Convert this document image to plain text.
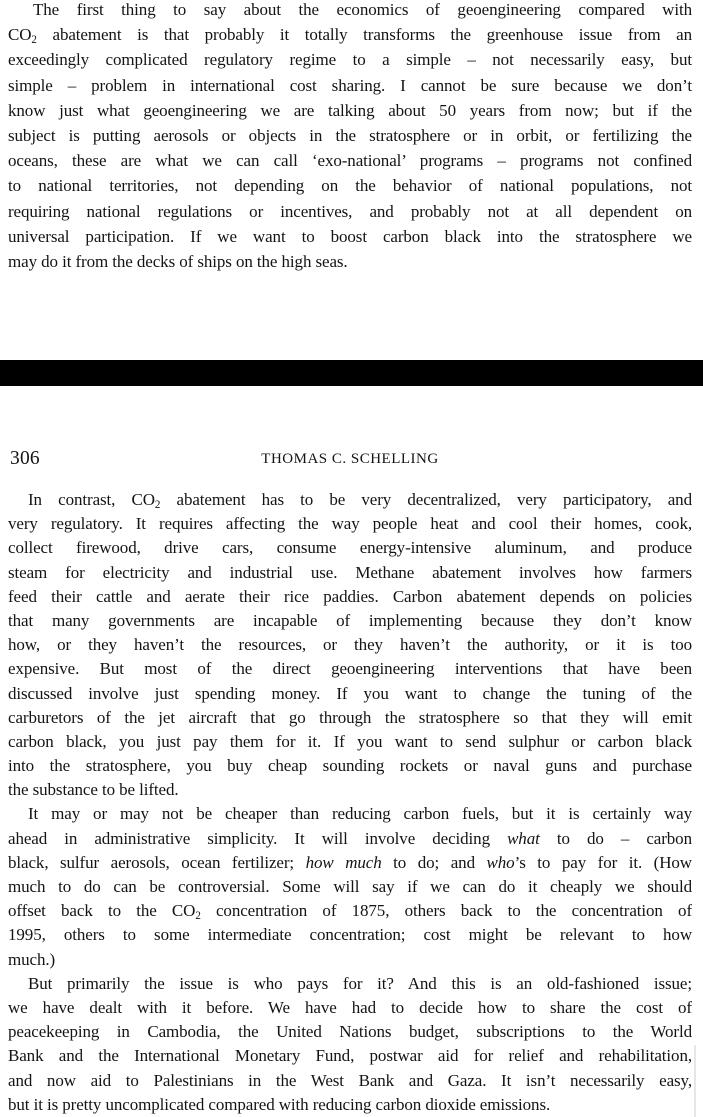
The first thing to say about the economics of geoengineering compared with
$CO_2$ abatement is that probably it totally transforms the greenhouse issue from an
exceedingly complicated regulatory regime to a simple – not necessarily easy, but
simple – problem in international cost sharing. I cannot be sure because we don’t
know just what geoengineering we are talking about 50 years from now; but if the
subject is putting aerosols or objects in the stratosphere or in orbit, or fertilizing the
oceans, these are what we can call ‘exo-national’ programs – programs not confined
to national territories, not depending on the behavior of national populations, not
requiring national regulations or incentives, and probably not at all dependent on
universal participation. If we want to boost carbon black into the stratosphere we
may do it from the decks of ships on the high seas.
306	THOMAS C. SCHELLING
In contrast, $CO_2$ abatement has to be very decentralized, very participatory, and
very regulatory. It requires affecting the way people heat and cool their homes, cook,
collect firewood, drive cars, consume energy-intensive aluminum, and produce
steam for electricity and industrial use. Methane abatement involves how farmers
feed their cattle and aerate their rice paddies. Carbon abatement depends on policies
that many governments are incapable of implementing because they don’t know
how, or they haven’t the resources, or they haven’t the authority, or it is too
expensive. But most of the direct geoengineering interventions that have been
discussed involve just spending money. If you want to change the tuning of the
carburetors of the jet aircraft that go through the stratosphere so that they will emit
carbon black, you just pay them for it. If you want to send sulphur or carbon black
into the stratosphere, you buy cheap sounding rockets or naval guns and purchase
the substance to be lifted.
It may or may not be cheaper than reducing carbon fuels, but it is certainly way
ahead in administrative simplicity. It will involve deciding what to do – carbon
black, sulfur aerosols, ocean fertilizer; how much to do; and who’s to pay for it. (How
much to do can be controversial. Some will say if we can do it cheaply we should
offset back to the $CO_2$ concentration of 1875, others back to the concentration of
1995, others to some intermediate concentration; cost might be relevant to how
much.)
But primarily the issue is who pays for it? And this is an old-fashioned issue;
we have dealt with it before. We have had to decide how to share the cost of
peacekeeping in Cambodia, the United Nations budget, subscriptions to the World
Bank and the International Monetary Fund, postwar aid for relief and rehabilitation,
and now aid to Palestinians in the West Bank and Gaza. It isn’t necessarily easy,
but it is pretty uncomplicated compared with reducing carbon dioxide emissions.
